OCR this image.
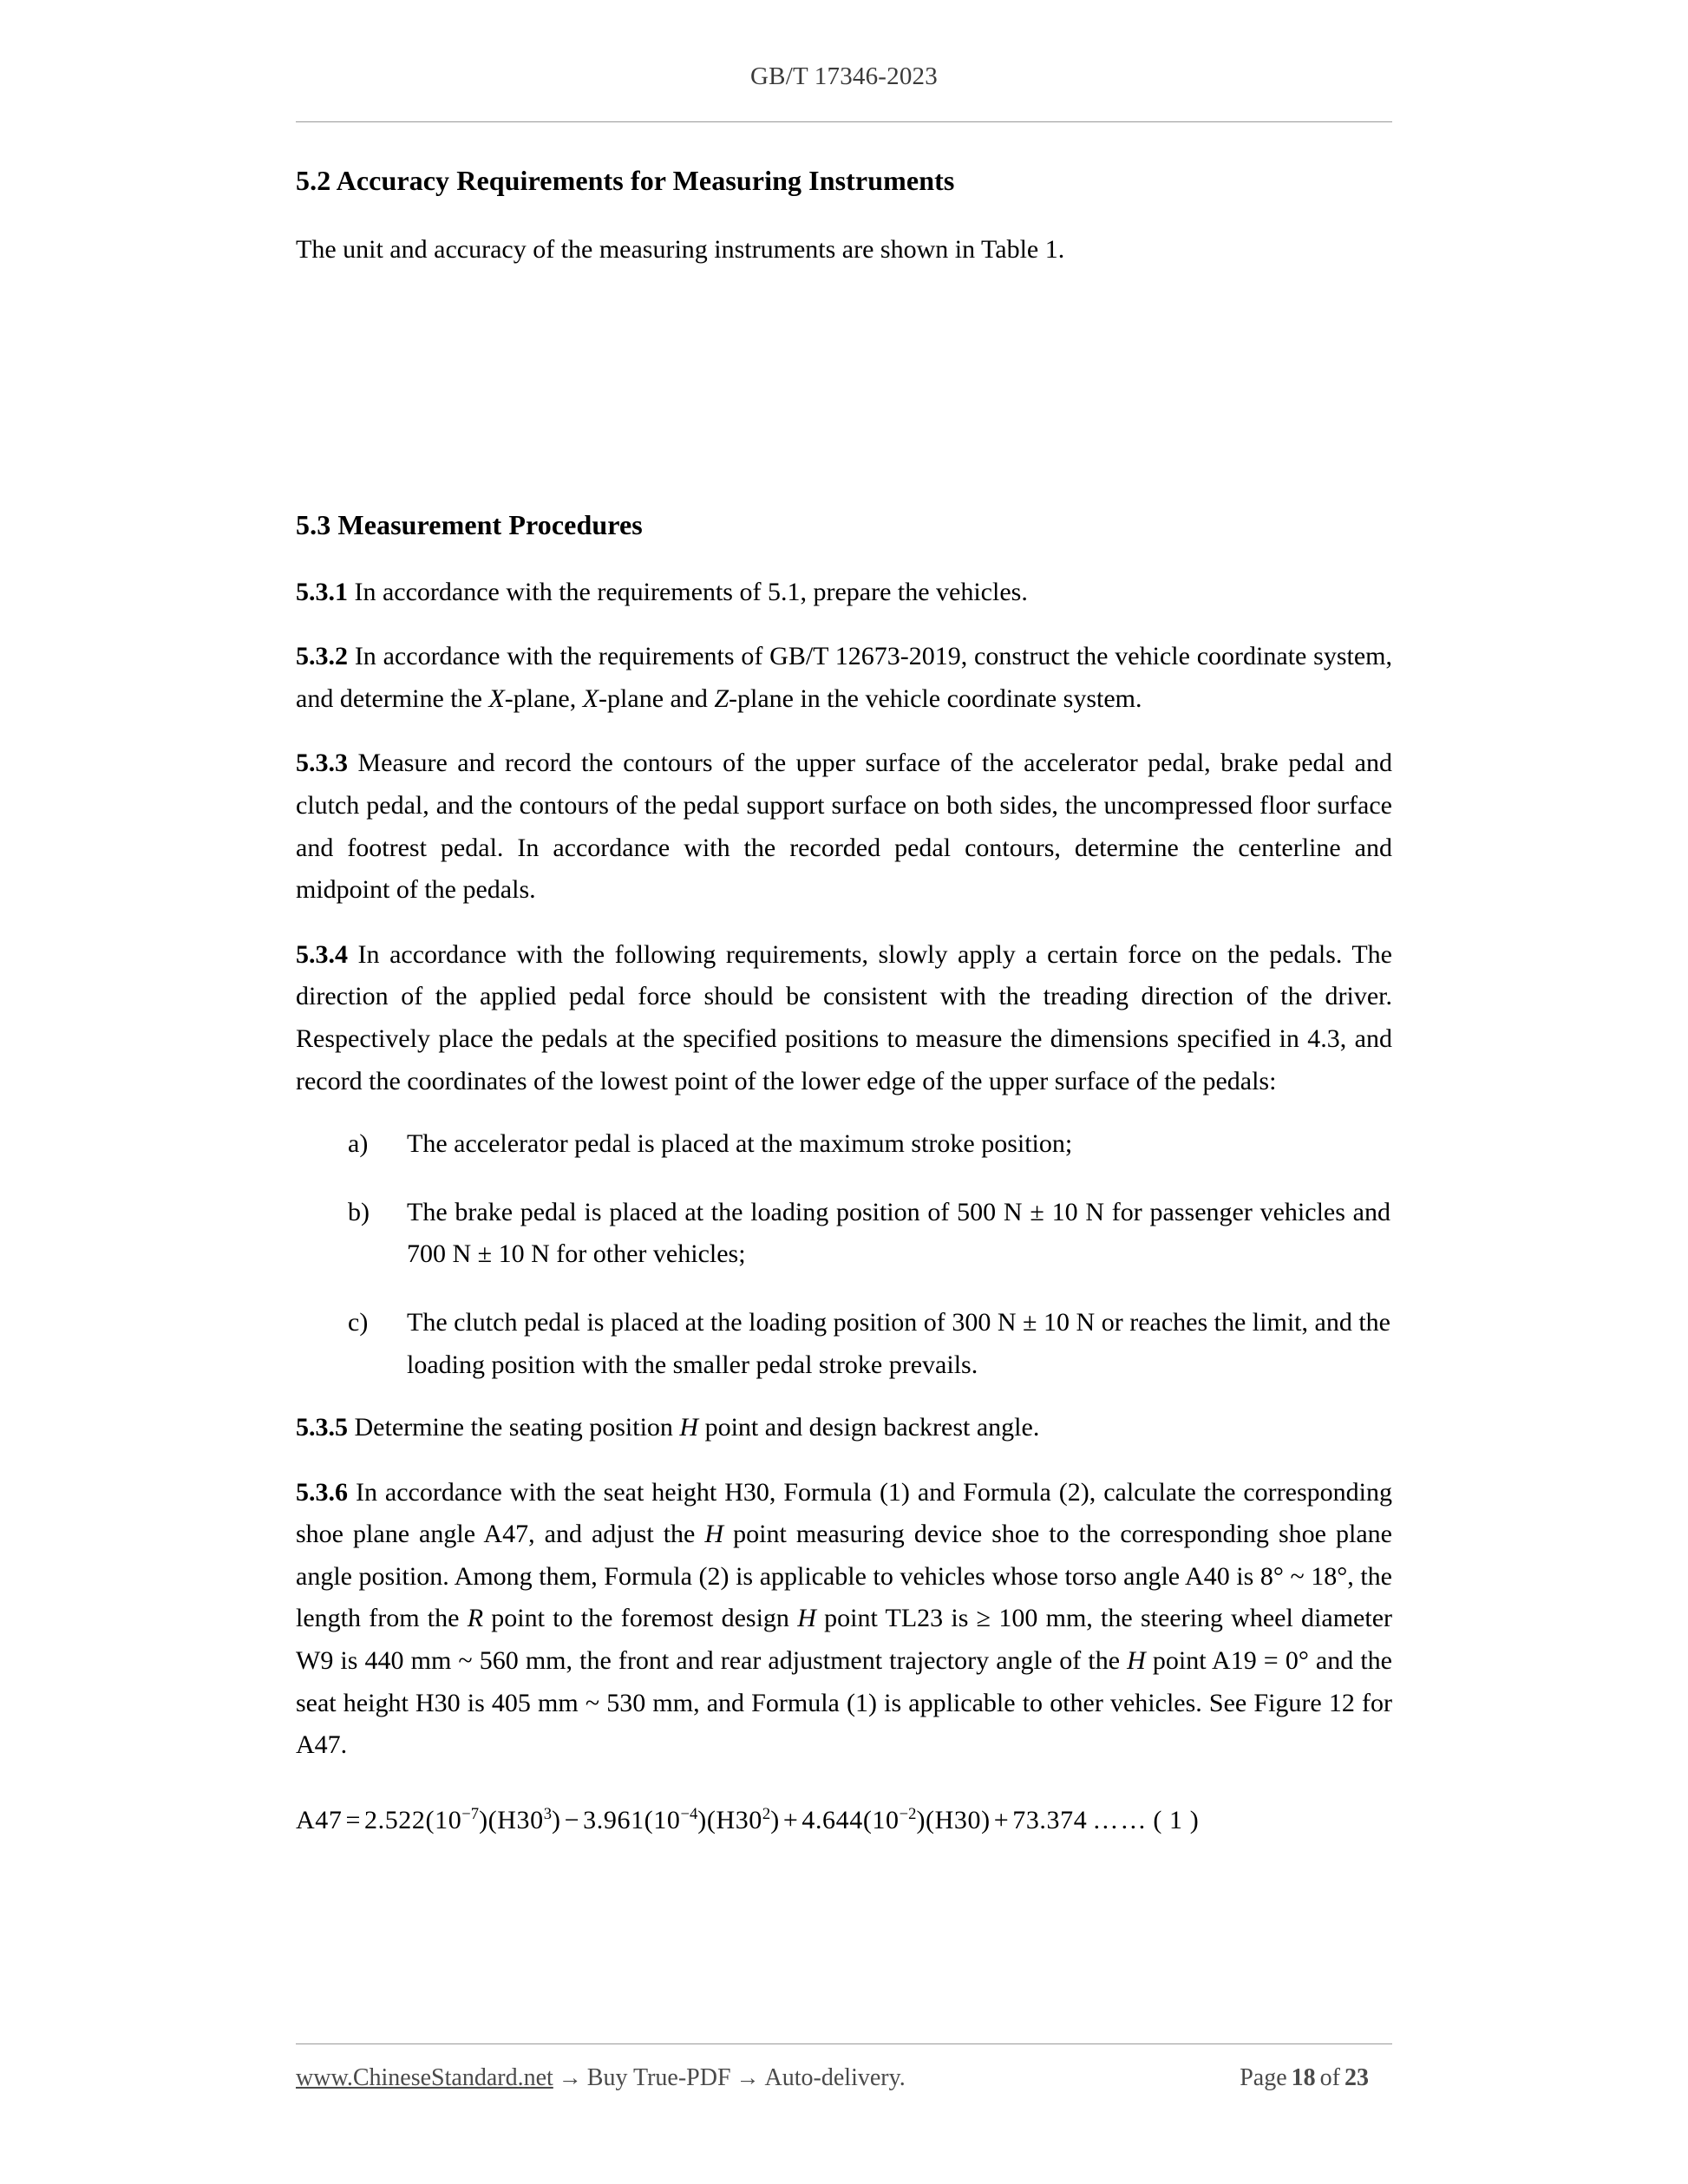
GB/T 17346-2023
5.2 Accuracy Requirements for Measuring Instruments

The unit and accuracy of the measuring instruments are shown in Table 1.

5.3 Measurement Procedures

5.3.1 In accordance with the requirements of 5.1, prepare the vehicles.

5.3.2 In accordance with the requirements of GB/T 12673-2019, construct the vehicle coordinate system, and determine the X-plane, X-plane and Z-plane in the vehicle coordinate system.

5.3.3 Measure and record the contours of the upper surface of the accelerator pedal, brake pedal and clutch pedal, and the contours of the pedal support surface on both sides, the uncompressed floor surface and footrest pedal. In accordance with the recorded pedal contours, determine the centerline and midpoint of the pedals.

5.3.4 In accordance with the following requirements, slowly apply a certain force on the pedals. The direction of the applied pedal force should be consistent with the treading direction of the driver. Respectively place the pedals at the specified positions to measure the dimensions specified in 4.3, and record the coordinates of the lowest point of the lower edge of the upper surface of the pedals:

a)	The accelerator pedal is placed at the maximum stroke position;
b)	The brake pedal is placed at the loading position of 500 N ± 10 N for passenger vehicles and 700 N ± 10 N for other vehicles;
c)	The clutch pedal is placed at the loading position of 300 N ± 10 N or reaches the limit, and the loading position with the smaller pedal stroke prevails.

5.3.5 Determine the seating position H point and design backrest angle.

5.3.6 In accordance with the seat height H30, Formula (1) and Formula (2), calculate the corresponding shoe plane angle A47, and adjust the H point measuring device shoe to the corresponding shoe plane angle position. Among them, Formula (2) is applicable to vehicles whose torso angle A40 is 8° ~ 18°, the length from the R point to the foremost design H point TL23 is ≥ 100 mm, the steering wheel diameter W9 is 440 mm ~ 560 mm, the front and rear adjustment trajectory angle of the H point A19 = 0° and the seat height H30 is 405 mm ~ 530 mm, and Formula (1) is applicable to other vehicles. See Figure 12 for A47.

$A47 = 2.522(10^{-7})(H30^3) - 3.961(10^{-4})(H30^2) + 4.644(10^{-2})(H30) + 73.374$ …… ( 1 )
www.ChineseStandard.net → Buy True-PDF → Auto-delivery.	Page 18 of 23
